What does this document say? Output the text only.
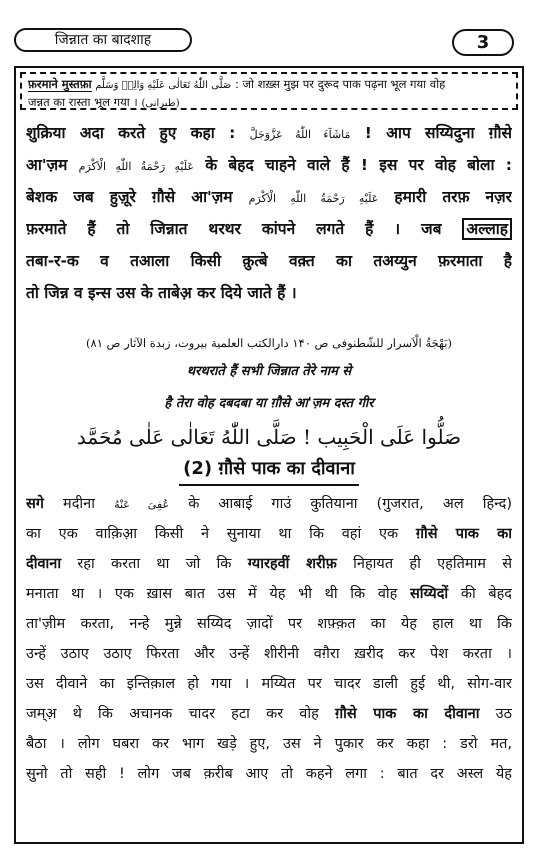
जिन्नात का बादशाह	3
फ़रमाने मुस्तफ़ा صَلَّى اللّٰهُ تَعَالٰی عَلَيْهِ وَالِهٖ وَسَلَّم : जो शख़्स मुझ पर दुरूद पाक पढ़ना भूल गया वोह
जन्नत का रास्ता भूल गया । (طبرانی)
शुक्रिया अदा करते हुए कहा : مَاشَآءَ اللّٰهُ عَزَّوَجَلَّ ! आप सय्यिदुना ग़ौसे
आ'ज़म عَلَيْهِ رَحْمَةُ اللّٰهِ الْاَكْرَم के बेहद चाहने वाले हैं ! इस पर वोह बोला :
बेशक जब हुज़ूरे ग़ौसे आ'ज़म عَلَيْهِ رَحْمَةُ اللّٰهِ الْاَكْرَم हमारी तरफ़ नज़र
फ़रमाते हैं तो जिन्नात थरथर कांपने लगते हैं । जब अल्लाह
तबा-र-क व तआला किसी क़ुत्बे वक़्त का तअय्युन फ़रमाता है
तो जिन्न व इन्स उस के ताबेअ़ कर दिये जाते हैं ।
(بَهْجَةُ الْاَسرار للشّطنوفی ص ۱۴۰ دارالکتب العلمیة بیروت، زبدة الآثار ص ۸۱)
थरथराते हैं सभी जिन्नात तेरे नाम से
है तेरा वोह दबदबा या ग़ौसे आ'ज़म दस्त गीर
صَلُّوا عَلَى الْحَبِيب ! صَلَّى اللّٰهُ تَعَالٰى عَلٰى مُحَمَّد
(2) ग़ौसे पाक का दीवाना
सगे मदीना عُفِیَ عَنْهُ के आबाई गाउं कुतियाना (गुजरात, अल हिन्द)
का एक वाक़िआ़ किसी ने सुनाया था कि वहां एक ग़ौसे पाक का
दीवाना रहा करता था जो कि ग्यारहवीं शरीफ़ निहायत ही एहतिमाम से
मनाता था । एक ख़ास बात उस में येह भी थी कि वोह सय्यिदों की बेहद
ता'ज़ीम करता, नन्हे मुन्ने सय्यिद ज़ादों पर शफ़्क़त का येह हाल था कि
उन्हें उठाए उठाए फिरता और उन्हें शीरीनी वग़ैरा ख़रीद कर पेश करता ।
उस दीवाने का इन्तिक़ाल हो गया । मय्यित पर चादर डाली हुई थी, सोग-वार
जम्अ़ थे कि अचानक चादर हटा कर वोह ग़ौसे पाक का दीवाना उठ
बैठा । लोग घबरा कर भाग खड़े हुए, उस ने पुकार कर कहा : डरो मत,
सुनो तो सही ! लोग जब क़रीब आए तो कहने लगा : बात दर अस्ल येह
